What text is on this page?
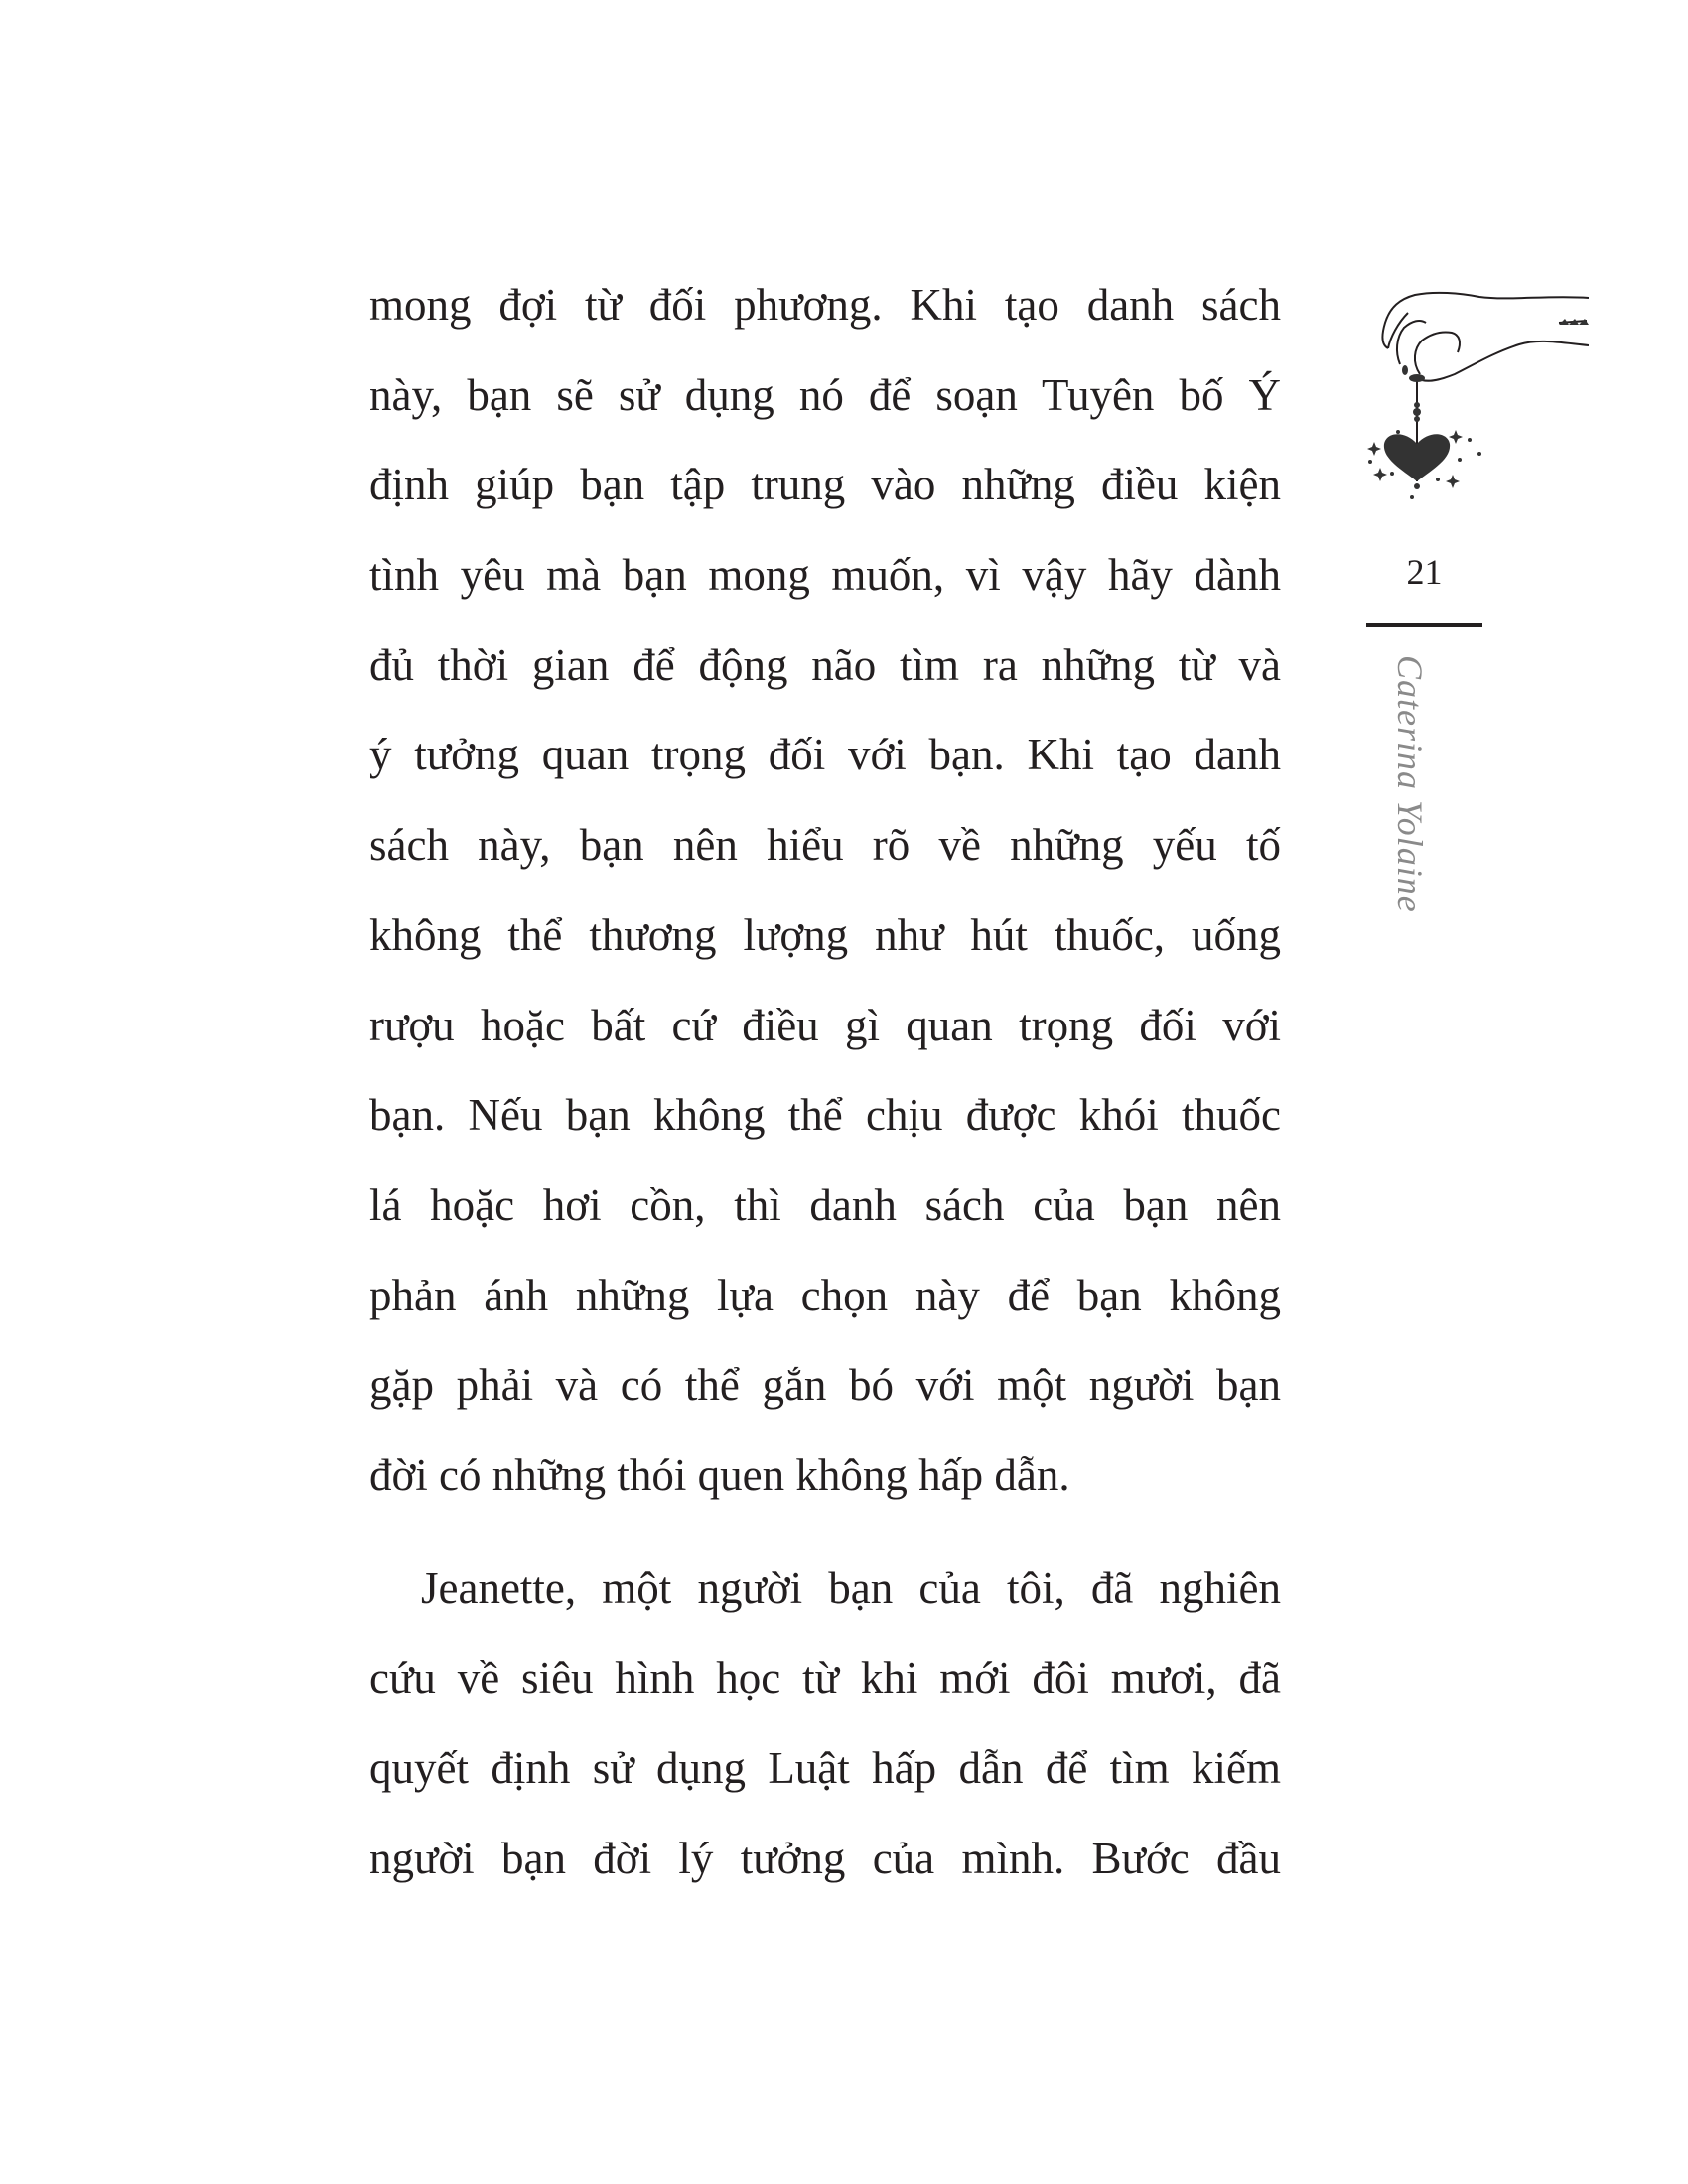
mong đợi từ đối phương. Khi tạo danh sách
này, bạn sẽ sử dụng nó để soạn Tuyên bố Ý
định giúp bạn tập trung vào những điều kiện
tình yêu mà bạn mong muốn, vì vậy hãy dành
đủ thời gian để động não tìm ra những từ và
ý tưởng quan trọng đối với bạn. Khi tạo danh
sách này, bạn nên hiểu rõ về những yếu tố
không thể thương lượng như hút thuốc, uống
rượu hoặc bất cứ điều gì quan trọng đối với
bạn. Nếu bạn không thể chịu được khói thuốc
lá hoặc hơi cồn, thì danh sách của bạn nên
phản ánh những lựa chọn này để bạn không
gặp phải và có thể gắn bó với một người bạn
đời có những thói quen không hấp dẫn.
Jeanette, một người bạn của tôi, đã nghiên
cứu về siêu hình học từ khi mới đôi mươi, đã
quyết định sử dụng Luật hấp dẫn để tìm kiếm
người bạn đời lý tưởng của mình. Bước đầu
21
Caterina Yolaine
